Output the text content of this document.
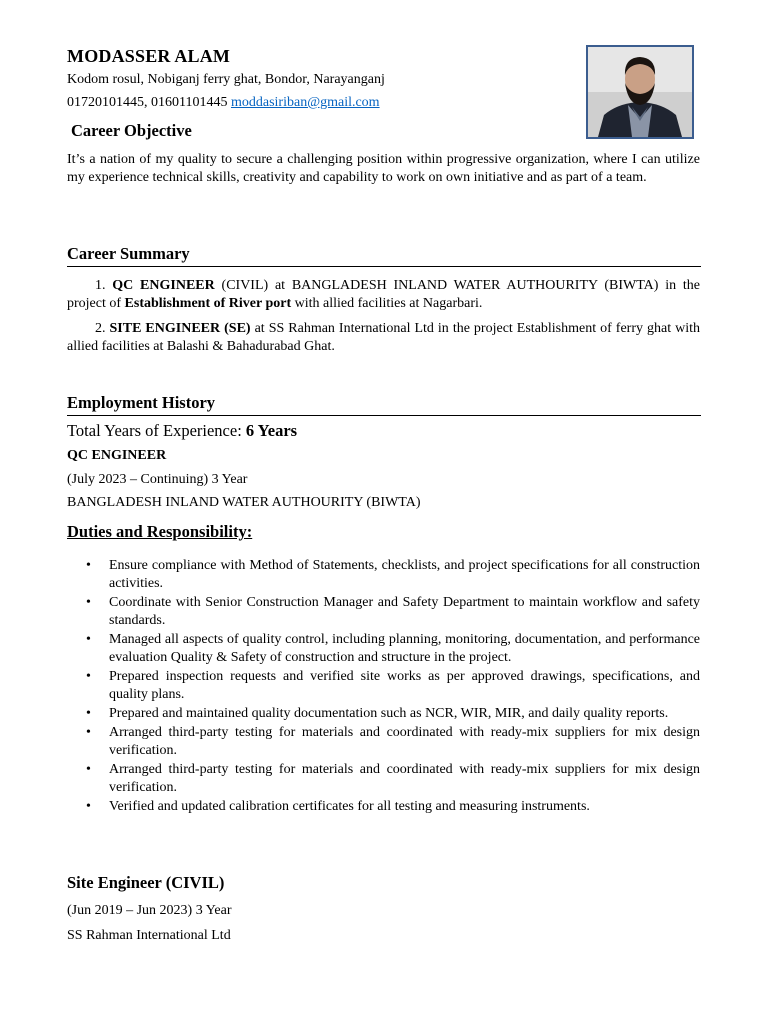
MODASSER ALAM
Kodom rosul, Nobiganj ferry ghat, Bondor, Narayanganj
01720101445, 01601101445 moddasiriban@gmail.com
Career Objective
It’s a nation of my quality to secure a challenging position within progressive organization, where I can utilize my experience technical skills, creativity and capability to work on own initiative and as part of a team.
Career Summary
1. QC ENGINEER (CIVIL) at BANGLADESH INLAND WATER AUTHOURITY (BIWTA) in the project of Establishment of River port with allied facilities at Nagarbari.
2. SITE ENGINEER (SE) at SS Rahman International Ltd in the project Establishment of ferry ghat with allied facilities at Balashi & Bahadurabad Ghat.
Employment History
Total Years of Experience: 6 Years
QC ENGINEER
(July 2023 – Continuing) 3 Year
BANGLADESH INLAND WATER AUTHOURITY (BIWTA)
Duties and Responsibility:
• Ensure compliance with Method of Statements, checklists, and project specifications for all construction activities.
• Coordinate with Senior Construction Manager and Safety Department to maintain workflow and safety standards.
• Managed all aspects of quality control, including planning, monitoring, documentation, and performance evaluation Quality & Safety of construction and structure in the project.
• Prepared inspection requests and verified site works as per approved drawings, specifications, and quality plans.
• Prepared and maintained quality documentation such as NCR, WIR, MIR, and daily quality reports.
• Arranged third-party testing for materials and coordinated with ready-mix suppliers for mix design verification.
• Arranged third-party testing for materials and coordinated with ready-mix suppliers for mix design verification.
• Verified and updated calibration certificates for all testing and measuring instruments.
Site Engineer (CIVIL)
(Jun 2019 – Jun 2023) 3 Year
SS Rahman International Ltd
